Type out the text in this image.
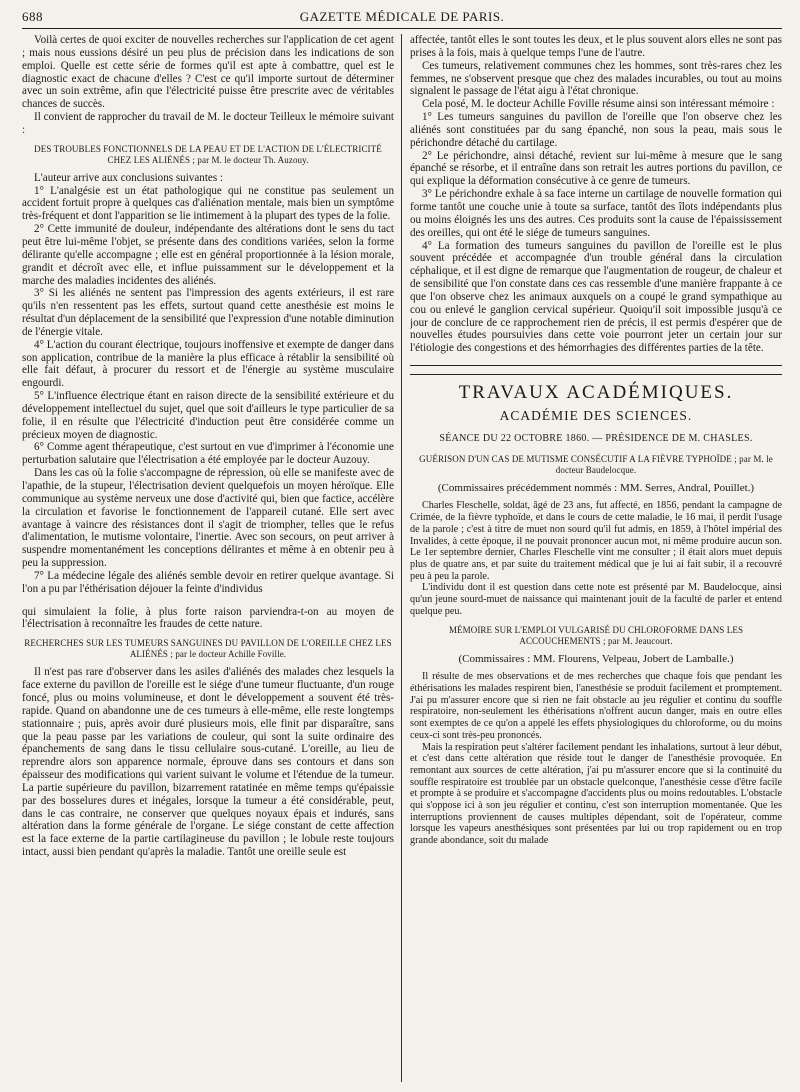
688	GAZETTE MÉDICALE DE PARIS.

Voilà certes de quoi exciter de nouvelles recherches sur l'application de cet agent ; mais nous eussions désiré un peu plus de précision dans les indications de son emploi. Quelle est cette série de formes qu'il est apte à combattre, quel est le diagnostic exact de chacune d'elles ? C'est ce qu'il importe surtout de déterminer avec un soin extrême, afin que l'électricité puisse être prescrite avec de véritables chances de succès.

Il convient de rapprocher du travail de M. le docteur Teilleux le mémoire suivant :

DES TROUBLES FONCTIONNELS DE LA PEAU ET DE L'ACTION DE L'ÉLECTRICITÉ CHEZ LES ALIÉNÉS ; par M. le docteur Th. Auzouy.

L'auteur arrive aux conclusions suivantes :

1° L'analgésie est un état pathologique qui ne constitue pas seulement un accident fortuit propre à quelques cas d'aliénation mentale, mais bien un symptôme très-fréquent et dont l'apparition se lie intimement à la plupart des types de la folie.

2° Cette immunité de douleur, indépendante des altérations dont le sens du tact peut être lui-même l'objet, se présente dans des conditions variées, selon la forme délirante qu'elle accompagne ; elle est en général proportionnée à la lésion morale, grandit et décroît avec elle, et influe puissamment sur le développement et la marche des maladies incidentes des aliénés.

3° Si les aliénés ne sentent pas l'impression des agents extérieurs, il est rare qu'ils n'en ressentent pas les effets, surtout quand cette anesthésie est moins le résultat d'un déplacement de la sensibilité que l'expression d'une notable diminution de l'énergie vitale.

4° L'action du courant électrique, toujours inoffensive et exempte de danger dans son application, contribue de la manière la plus efficace à rétablir la sensibilité où elle fait défaut, à procurer du ressort et de l'énergie au système musculaire engourdi.

5° L'influence électrique étant en raison directe de la sensibilité extérieure et du développement intellectuel du sujet, quel que soit d'ailleurs le type particulier de sa folie, il en résulte que l'électricité d'induction peut être considérée comme un précieux moyen de diagnostic.

6° Comme agent thérapeutique, c'est surtout en vue d'imprimer à l'économie une perturbation salutaire que l'électrisation a été employée par le docteur Auzouy.

Dans les cas où la folie s'accompagne de répression, où elle se manifeste avec de l'apathie, de la stupeur, l'électrisation devient quelquefois un moyen héroïque. Elle communique au système nerveux une dose d'activité qui, bien que factice, accélère la circulation et favorise le fonctionnement de l'appareil cutané. Elle sert avec avantage à vaincre des résistances dont il s'agit de triompher, telles que le refus d'alimentation, le mutisme volontaire, l'inertie. Avec son secours, on peut arriver à suspendre momentanément les conceptions délirantes et même à en obtenir peu à peu la suppression.

7° La médecine légale des aliénés semble devoir en retirer quelque avantage. Si l'on a pu par l'éthérisation déjouer la feinte d'individus

qui simulaient la folie, à plus forte raison parviendra-t-on au moyen de l'électrisation à reconnaître les fraudes de cette nature.

RECHERCHES SUR LES TUMEURS SANGUINES DU PAVILLON DE L'OREILLE CHEZ LES ALIÉNÉS ; par le docteur Achille Foville.

Il n'est pas rare d'observer dans les asiles d'aliénés des malades chez lesquels la face externe du pavillon de l'oreille est le siége d'une tumeur fluctuante, d'un rouge foncé, plus ou moins volumineuse, et dont le développement a souvent été très-rapide. Quand on abandonne une de ces tumeurs à elle-même, elle reste longtemps stationnaire ; puis, après avoir duré plusieurs mois, elle finit par disparaître, sans que la peau passe par les variations de couleur, qui sont la suite ordinaire des épanchements de sang dans le tissu cellulaire sous-cutané. L'oreille, au lieu de reprendre alors son apparence normale, éprouve dans ses contours et dans son épaisseur des modifications qui varient suivant le volume et l'étendue de la tumeur. La partie supérieure du pavillon, bizarrement ratatinée en même temps qu'épaissie par des bosselures dures et inégales, lorsque la tumeur a été considérable, peut, dans le cas contraire, ne conserver que quelques noyaux épais et indurés, sans altération dans la forme générale de l'organe. Le siége constant de cette affection est la face externe de la partie cartilagineuse du pavillon ; le lobule reste toujours intact, aussi bien pendant qu'après la maladie. Tantôt une oreille seule est

affectée, tantôt elles le sont toutes les deux, et le plus souvent alors elles ne sont pas prises à la fois, mais à quelque temps l'une de l'autre.

Ces tumeurs, relativement communes chez les hommes, sont très-rares chez les femmes, ne s'observent presque que chez des malades incurables, ou tout au moins signalent le passage de l'état aigu à l'état chronique.

Cela posé, M. le docteur Achille Foville résume ainsi son intéressant mémoire :

1° Les tumeurs sanguines du pavillon de l'oreille que l'on observe chez les aliénés sont constituées par du sang épanché, non sous la peau, mais sous le périchondre détaché du cartilage.

2° Le périchondre, ainsi détaché, revient sur lui-même à mesure que le sang épanché se résorbe, et il entraîne dans son retrait les autres portions du pavillon, ce qui explique la déformation consécutive à ce genre de tumeurs.

3° Le périchondre exhale à sa face interne un cartilage de nouvelle formation qui forme tantôt une couche unie à toute sa surface, tantôt des îlots indépendants plus ou moins éloignés les uns des autres. Ces produits sont la cause de l'épaississement des oreilles, qui ont été le siége de tumeurs sanguines.

4° La formation des tumeurs sanguines du pavillon de l'oreille est le plus souvent précédée et accompagnée d'un trouble général dans la circulation céphalique, et il est digne de remarque que l'augmentation de rougeur, de chaleur et de sensibilité que l'on constate dans ces cas ressemble d'une manière frappante à ce que l'on observe chez les animaux auxquels on a coupé le grand sympathique au cou ou enlevé le ganglion cervical supérieur. Quoiqu'il soit impossible jusqu'à ce jour de conclure de ce rapprochement rien de précis, il est permis d'espérer que de nouvelles études poursuivies dans cette voie pourront jeter un certain jour sur l'étiologie des congestions et des hémorrhagies des différentes parties de la tête.

TRAVAUX ACADÉMIQUES.
ACADÉMIE DES SCIENCES.
SÉANCE DU 22 OCTOBRE 1860. — PRÉSIDENCE DE M. CHASLES.
GUÉRISON D'UN CAS DE MUTISME CONSÉCUTIF A LA FIÈVRE TYPHOÏDE ; par M. le docteur Baudelocque.
(Commissaires précédemment nommés : MM. Serres, Andral, Pouillet.)

Charles Fleschelle, soldat, âgé de 23 ans, fut affecté, en 1856, pendant la campagne de Crimée, de la fièvre typhoïde, et dans le cours de cette maladie, le 16 mai, il perdit l'usage de la parole ; c'est à titre de muet non sourd qu'il fut admis, en 1859, à l'hôtel impérial des Invalides, à cette époque, il ne pouvait prononcer aucun mot, ni même produire aucun son. Le 1er septembre dernier, Charles Fleschelle vint me consulter ; il était alors muet depuis plus de quatre ans, et par suite du traitement médical que je lui ai fait subir, il a recouvré peu à peu la parole.

L'individu dont il est question dans cette note est présenté par M. Baudelocque, ainsi qu'un jeune sourd-muet de naissance qui maintenant jouit de la faculté de parler et entend quelque peu.

MÉMOIRE SUR L'EMPLOI VULGARISÉ DU CHLOROFORME DANS LES ACCOUCHEMENTS ; par M. Jeaucourt.
(Commissaires : MM. Flourens, Velpeau, Jobert de Lamballe.)

Il résulte de mes observations et de mes recherches que chaque fois que pendant les éthérisations les malades respirent bien, l'anesthésie se produit facilement et promptement. J'ai pu m'assurer encore que si rien ne fait obstacle au jeu régulier et continu du souffle respiratoire, non-seulement les éthérisations n'offrent aucun danger, mais en outre elles sont exemptes de ce qu'on a appelé les effets physiologiques du chloroforme, ou du moins ceux-ci sont très-peu prononcés.

Mais la respiration peut s'altérer facilement pendant les inhalations, surtout à leur début, et c'est dans cette altération que réside tout le danger de l'anesthésie provoquée. En remontant aux sources de cette altération, j'ai pu m'assurer encore que si la continuité du souffle respiratoire est troublée par un obstacle quelconque, l'anesthésie cesse d'être facile et prompte à se produire et s'accompagne d'accidents plus ou moins redoutables. L'obstacle qui s'oppose ici à son jeu régulier et continu, c'est son interruption momentanée. Que les interruptions proviennent de causes multiples dépendant, soit de l'opérateur, comme lorsque les vapeurs anesthésiques sont présentées par lui ou trop rapidement ou en trop grande abondance, soit du malade
